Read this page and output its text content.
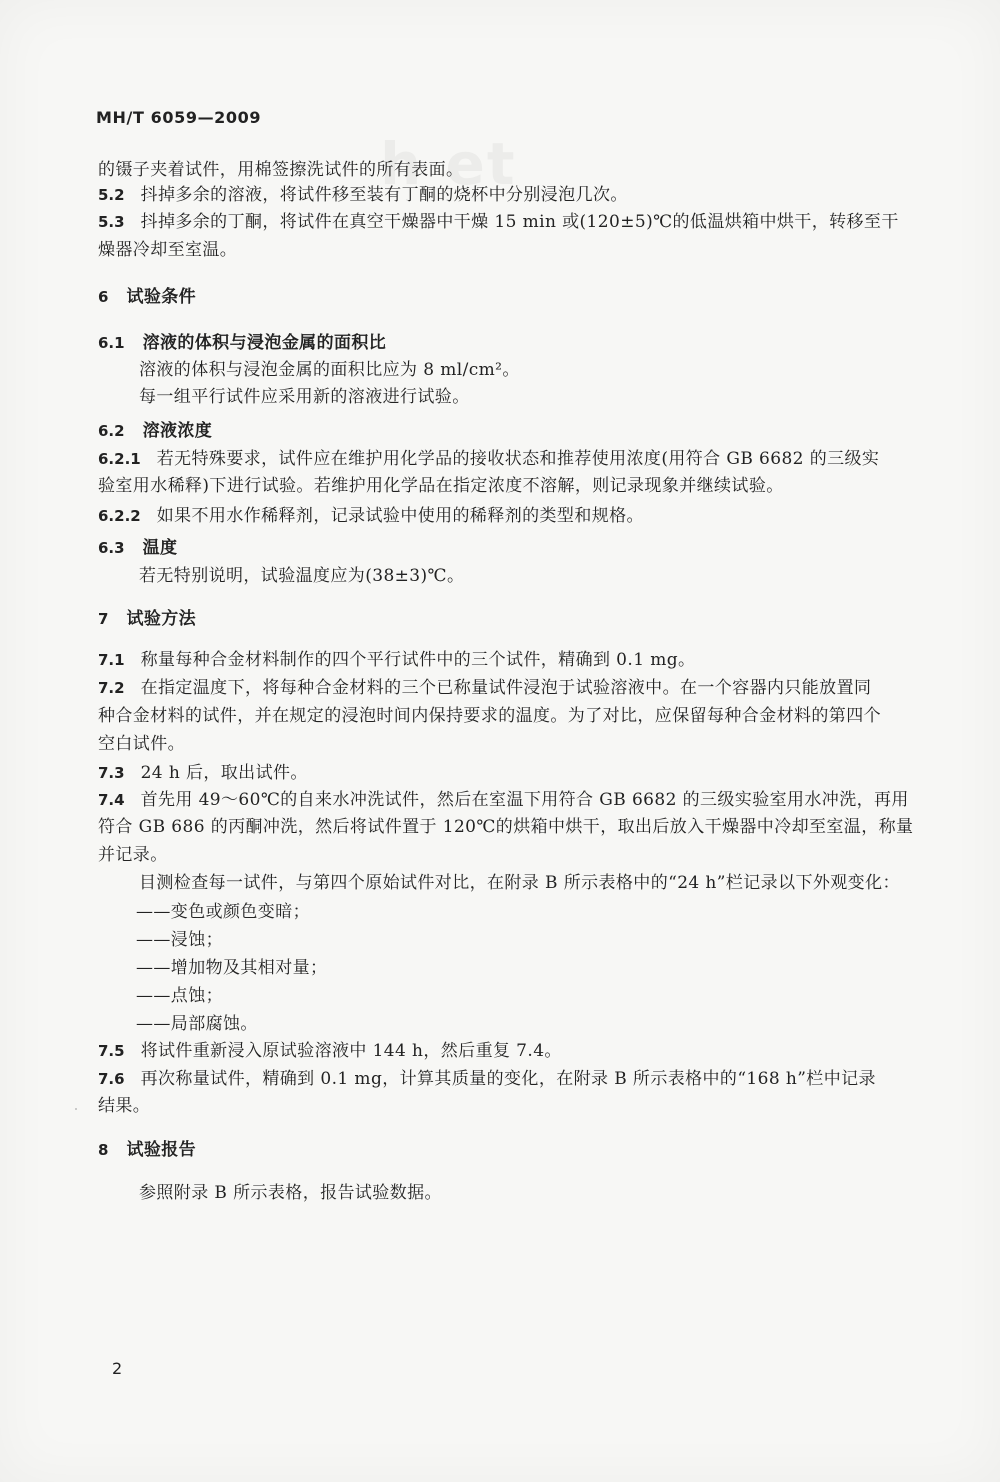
h et
MH/T 6059—2009
的镊子夹着试件，用棉签擦洗试件的所有表面。
5.2 抖掉多余的溶液，将试件移至装有丁酮的烧杯中分别浸泡几次。
5.3 抖掉多余的丁酮，将试件在真空干燥器中干燥 15 min 或(120±5)℃的低温烘箱中烘干，转移至干
燥器冷却至室温。
6 试验条件
6.1 溶液的体积与浸泡金属的面积比
溶液的体积与浸泡金属的面积比应为 8 ml/cm²。
每一组平行试件应采用新的溶液进行试验。
6.2 溶液浓度
6.2.1 若无特殊要求，试件应在维护用化学品的接收状态和推荐使用浓度(用符合 GB 6682 的三级实
验室用水稀释)下进行试验。若维护用化学品在指定浓度不溶解，则记录现象并继续试验。
6.2.2 如果不用水作稀释剂，记录试验中使用的稀释剂的类型和规格。
6.3 温度
若无特别说明，试验温度应为(38±3)℃。
7 试验方法
7.1 称量每种合金材料制作的四个平行试件中的三个试件，精确到 0.1 mg。
7.2 在指定温度下，将每种合金材料的三个已称量试件浸泡于试验溶液中。在一个容器内只能放置同
种合金材料的试件，并在规定的浸泡时间内保持要求的温度。为了对比，应保留每种合金材料的第四个
空白试件。
7.3 24 h 后，取出试件。
7.4 首先用 49～60℃的自来水冲洗试件，然后在室温下用符合 GB 6682 的三级实验室用水冲洗，再用
符合 GB 686 的丙酮冲洗，然后将试件置于 120℃的烘箱中烘干，取出后放入干燥器中冷却至室温，称量
并记录。
目测检查每一试件，与第四个原始试件对比，在附录 B 所示表格中的“24 h”栏记录以下外观变化：
——变色或颜色变暗；
——浸蚀；
——增加物及其相对量；
——点蚀；
——局部腐蚀。
7.5 将试件重新浸入原试验溶液中 144 h，然后重复 7.4。
7.6 再次称量试件，精确到 0.1 mg，计算其质量的变化，在附录 B 所示表格中的“168 h”栏中记录
结果。
8 试验报告
参照附录 B 所示表格，报告试验数据。
2
